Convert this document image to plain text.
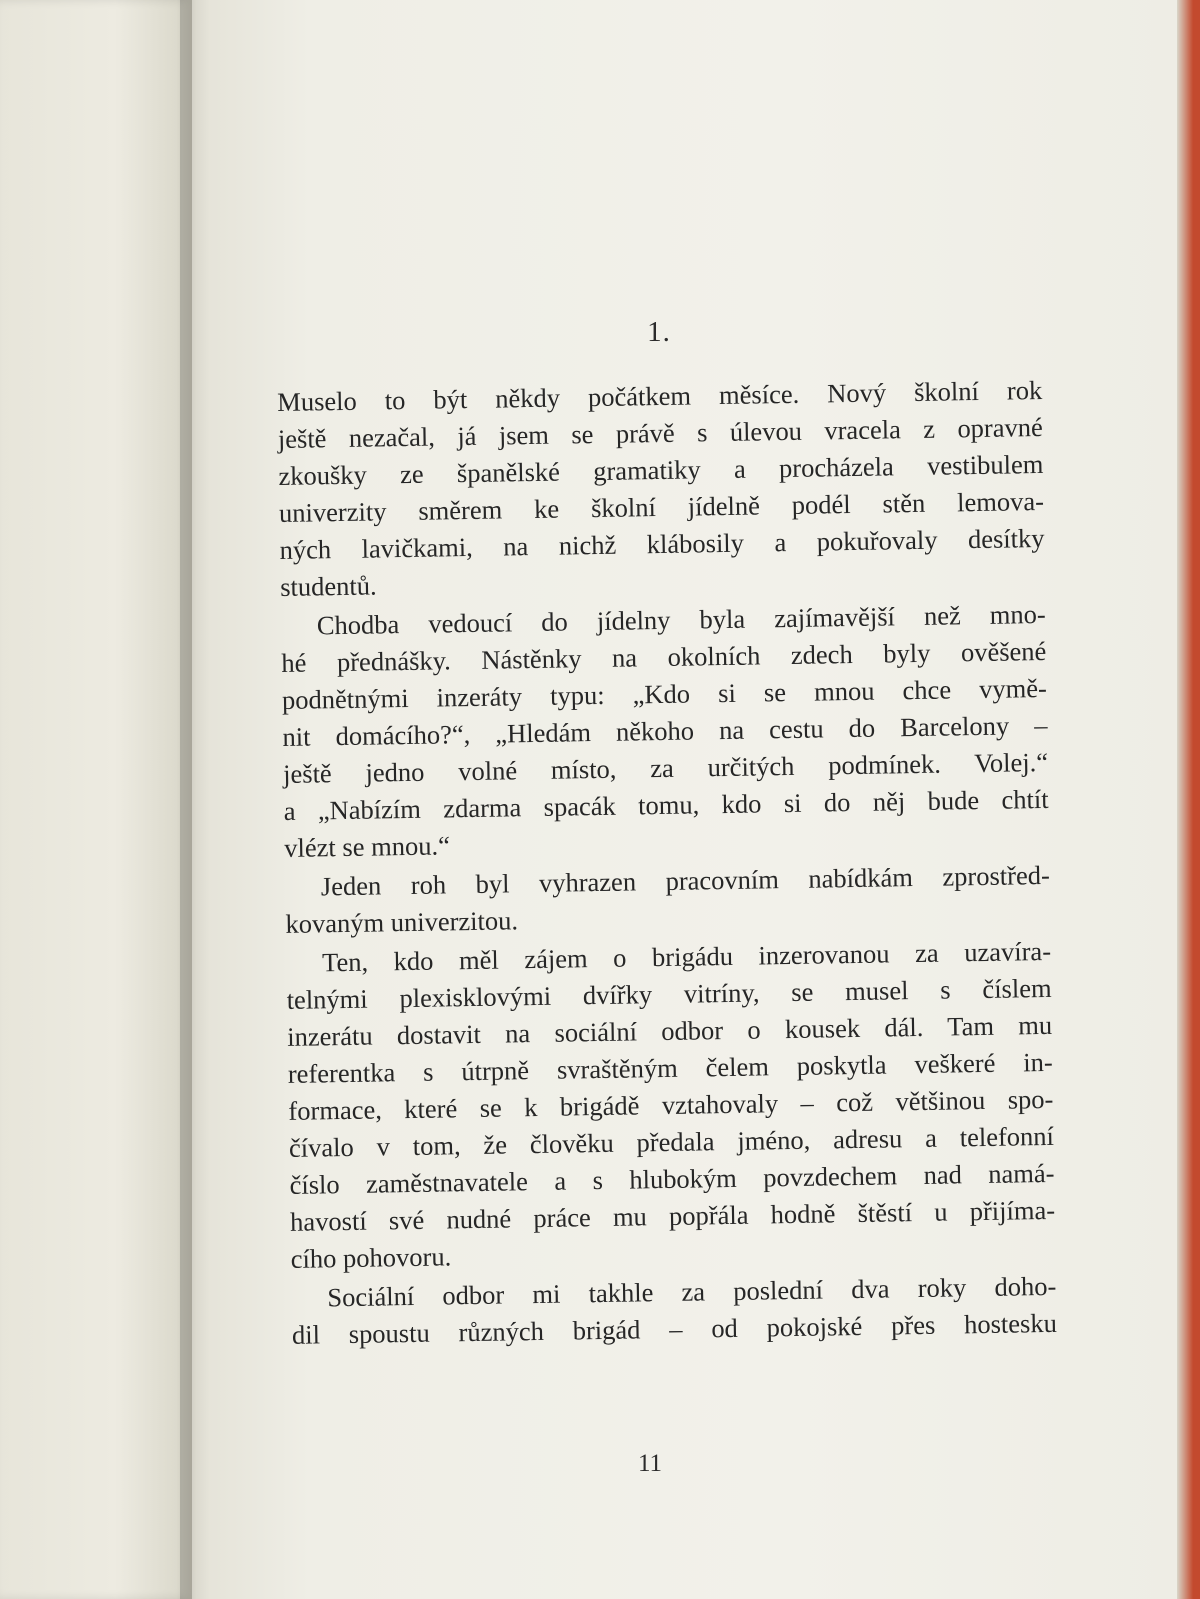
1.
Muselo to být někdy počátkem měsíce. Nový školní rok
ještě nezačal, já jsem se právě s úlevou vracela z opravné
zkoušky ze španělské gramatiky a procházela vestibulem
univerzity směrem ke školní jídelně podél stěn lemova-
ných lavičkami, na nichž klábosily a pokuřovaly desítky
studentů.
Chodba vedoucí do jídelny byla zajímavější než mno-
hé přednášky. Nástěnky na okolních zdech byly ověšené
podnětnými inzeráty typu: „Kdo si se mnou chce vymě-
nit domácího?“, „Hledám někoho na cestu do Barcelony –
ještě jedno volné místo, za určitých podmínek. Volej.“
a „Nabízím zdarma spacák tomu, kdo si do něj bude chtít
vlézt se mnou.“
Jeden roh byl vyhrazen pracovním nabídkám zprostřed-
kovaným univerzitou.
Ten, kdo měl zájem o brigádu inzerovanou za uzavíra-
telnými plexisklovými dvířky vitríny, se musel s číslem
inzerátu dostavit na sociální odbor o kousek dál. Tam mu
referentka s útrpně svraštěným čelem poskytla veškeré in-
formace, které se k brigádě vztahovaly – což většinou spo-
čívalo v tom, že člověku předala jméno, adresu a telefonní
číslo zaměstnavatele a s hlubokým povzdechem nad namá-
havostí své nudné práce mu popřála hodně štěstí u přijíma-
cího pohovoru.
Sociální odbor mi takhle za poslední dva roky doho-
dil spoustu různých brigád – od pokojské přes hostesku
11
